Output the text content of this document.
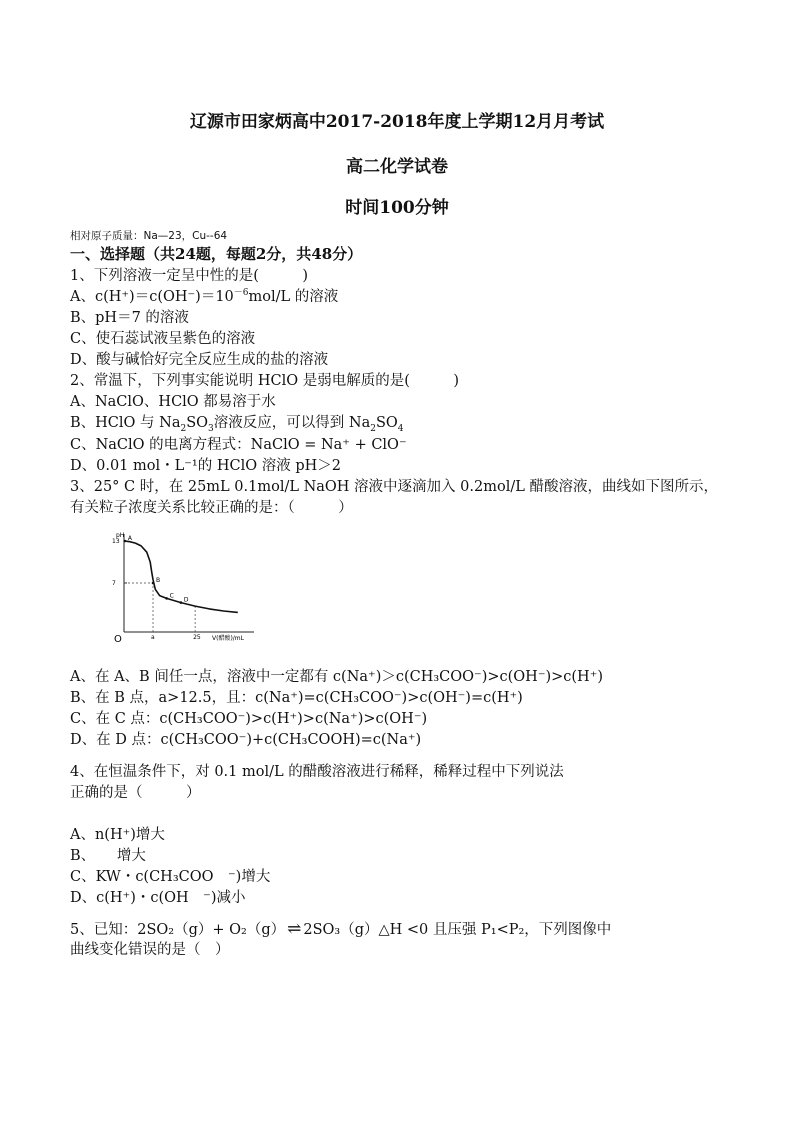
辽源市田家炳高中2017-2018年度上学期12月月考试
高二化学试卷
时间100分钟
相对原子质量：Na—23，Cu--64
一、选择题（共24题，每题2分，共48分）
1、下列溶液一定呈中性的是(　　　)
A、$c(H^+)=c(OH^-)=10^{-6}mol/L$ 的溶液
B、pH＝7 的溶液
C、使石蕊试液呈紫色的溶液
D、酸与碱恰好完全反应生成的盐的溶液
2、常温下，下列事实能说明 HClO 是弱电解质的是(　　　)
A、NaClO、HClO 都易溶于水
B、HClO 与 $Na_2SO_3$溶液反应，可以得到 $Na_2SO_4$
C、NaClO 的电离方程式：NaClO = Na⁺ + ClO⁻
D、0.01 mol・L⁻¹的 HClO 溶液 pH＞2
3、25° C 时，在 25mL 0.1mol/L NaOH 溶液中逐滴加入 0.2mol/L 醋酸溶液，曲线如下图所示，
有关粒子浓度关系比较正确的是：（　　　）
13
7
a	25
A
B
C
D
O
pH
V(醋酸)/mL
A、在 A、B 间任一点，溶液中一定都有 c(Na⁺)＞c(CH₃COO⁻)>c(OH⁻)>c(H⁺)
B、在 B 点，a>12.5，且：c(Na⁺)=c(CH₃COO⁻)>c(OH⁻)=c(H⁺)
C、在 C 点：c(CH₃COO⁻)>c(H⁺)>c(Na⁺)>c(OH⁻)
D、在 D 点：c(CH₃COO⁻)+c(CH₃COOH)=c(Na⁺)
4、在恒温条件下，对 0.1 mol/L 的醋酸溶液进行稀释，稀释过程中下列说法
正确的是（　　　）
A、n(H⁺)增大
B、　　增大
C、KW・c(CH₃COO　⁻)增大
D、c(H⁺)・c(OH　⁻)减小
5、已知：2SO₂（g）+ O₂（g） ⇌ 2SO₃（g）△H <0 且压强 P₁<P₂，下列图像中
曲线变化错误的是（　）
